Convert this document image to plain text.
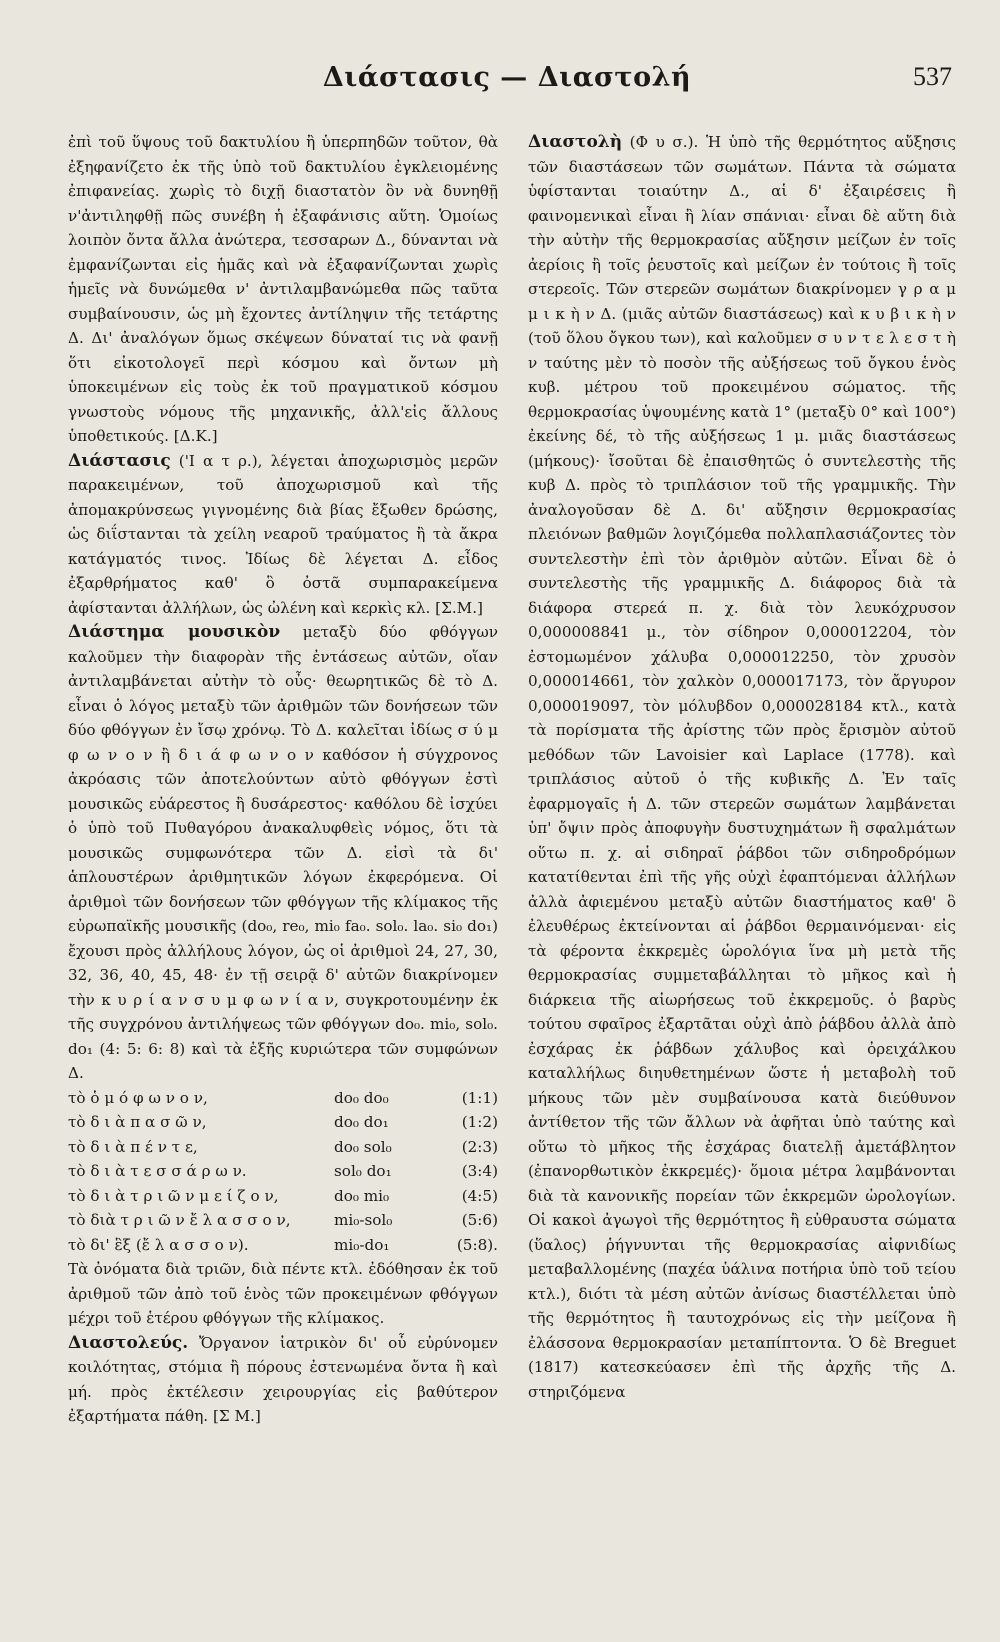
Διάστασις — Διαστολή	537

ἐπὶ τοῦ ὕψους τοῦ δακτυλίου ἢ ὑπερπηδῶν τοῦτον, θὰ ἐξηφανίζετο ἐκ τῆς ὑπὸ τοῦ δακτυλίου ἐγκλειομένης ἐπιφανείας. χωρὶς τὸ διχῇ διαστατὸν ὂν νὰ δυνηθῇ ν'ἀντιληφθῇ πῶς συνέβη ἡ ἐξαφάνισις αὕτη. Ὁμοίως λοιπὸν ὄντα ἄλλα ἀνώτερα, τεσσαρων Δ., δύνανται νὰ ἐμφανίζωνται εἰς ἡμᾶς καὶ νὰ ἐξαφανίζωνται χωρὶς ἡμεῖς νὰ δυνώμεθα ν' ἀντιλαμβανώμεθα πῶς ταῦτα συμβαίνουσιν, ὡς μὴ ἔχοντες ἀντίληψιν τῆς τετάρτης Δ. Δι' ἀναλόγων ὅμως σκέψεων δύναταί τις νὰ φανῇ ὅτι εἰκοτολογεῖ περὶ κόσμου καὶ ὄντων μὴ ὑποκειμένων εἰς τοὺς ἐκ τοῦ πραγματικοῦ κόσμου γνωστοὺς νόμους τῆς μηχανικῆς, ἀλλ'εἰς ἄλλους ὑποθετικούς. [Δ.Κ.]

Διάστασις ('Ι α τ ρ.), λέγεται ἀποχωρισμὸς μερῶν παρακειμένων, τοῦ ἀποχωρισμοῦ καὶ τῆς ἀπομακρύνσεως γιγνομένης διὰ βίας ἔξωθεν δρώσης, ὡς διΐστανται τὰ χείλη νεαροῦ τραύματος ἢ τὰ ἄκρα κατάγματός τινος. Ἰδίως δὲ λέγεται Δ. εἶδος ἐξαρθρήματος καθ' ὃ ὀστᾶ συμπαρακείμενα ἀφίστανται ἀλλήλων, ὡς ὠλένη καὶ κερκὶς κλ. [Σ.Μ.]

Διάστημα μουσικὸν μεταξὺ δύο φθόγγων καλοῦμεν τὴν διαφορὰν τῆς ἐντάσεως αὐτῶν, οἵαν ἀντιλαμβάνεται αὐτὴν τὸ οὖς· θεωρητικῶς δὲ τὸ Δ. εἶναι ὁ λόγος μεταξὺ τῶν ἀριθμῶν τῶν δονήσεων τῶν δύο φθόγγων ἐν ἴσῳ χρόνῳ. Τὸ Δ. καλεῖται ἰδίως σ ύ μ φ ω ν ο ν ἢ δ ι ά φ ω ν ο ν καθόσον ἡ σύγχρονος ἀκρόασις τῶν ἀποτελούντων αὐτὸ φθόγγων ἐστὶ μουσικῶς εὐάρεστος ἢ δυσάρεστος· καθόλου δὲ ἰσχύει ὁ ὑπὸ τοῦ Πυθαγόρου ἀνακαλυφθεὶς νόμος, ὅτι τὰ μουσικῶς συμφωνότερα τῶν Δ. εἰσὶ τὰ δι' ἁπλουστέρων ἀριθμητικῶν λόγων ἐκφερόμενα. Οἱ ἀριθμοὶ τῶν δονήσεων τῶν φθόγγων τῆς κλίμακος τῆς εὐρωπαϊκῆς μουσικῆς (do₀, re₀, mi₀ fa₀. sol₀. la₀. si₀ do₁) ἔχουσι πρὸς ἀλλήλους λόγον, ὡς οἱ ἀριθμοὶ 24, 27, 30, 32, 36, 40, 45, 48· ἐν τῇ σειρᾷ δ' αὐτῶν διακρίνομεν τὴν κ υ ρ ί α ν σ υ μ φ ω ν ί α ν, συγκροτουμένην ἐκ τῆς συγχρόνου ἀντιλήψεως τῶν φθόγγων do₀. mi₀, sol₀. do₁ (4: 5: 6: 8) καὶ τὰ ἑξῆς κυριώτερα τῶν συμφώνων Δ.

τὸ ὁ μ ό φ ω ν ο ν,	do₀ do₀	(1:1)
τὸ δ ι ὰ π α σ ῶ ν,	do₀ do₁	(1:2)
τὸ δ ι ὰ π έ ν τ ε,	do₀ sol₀	(2:3)
τὸ δ ι ὰ τ ε σ σ ά ρ ω ν.	sol₀ do₁	(3:4)
τὸ δ ι ὰ τ ρ ι ῶ ν μ ε ί ζ ο ν,	do₀ mi₀	(4:5)
τὸ διὰ τ ρ ι ῶ ν ἔ λ α σ σ ο ν,	mi₀-sol₀	(5:6)
τὸ δι' ἓξ (ἔ λ α σ σ ο ν).	mi₀-do₁	(5:8).

Τὰ ὀνόματα διὰ τριῶν, διὰ πέντε κτλ. ἐδόθησαν ἐκ τοῦ ἀριθμοῦ τῶν ἀπὸ τοῦ ἑνὸς τῶν προκειμένων φθόγγων μέχρι τοῦ ἑτέρου φθόγγων τῆς κλίμακος.

Διαστολεύς. Ὄργανον ἰατρικὸν δι' οὗ εὐρύνομεν κοιλότητας, στόμια ἢ πόρους ἐστενωμένα ὄντα ἢ καὶ μή. πρὸς ἐκτέλεσιν χειρουργίας εἰς βαθύτερον ἐξαρτήματα πάθη. [Σ Μ.]

Διαστολὴ (Φ υ σ.). Ἡ ὑπὸ τῆς θερμότητος αὔξησις τῶν διαστάσεων τῶν σωμάτων. Πάντα τὰ σώματα ὑφίστανται τοιαύτην Δ., αἱ δ' ἐξαιρέσεις ἢ φαινομενικαὶ εἶναι ἢ λίαν σπάνιαι· εἶναι δὲ αὕτη διὰ τὴν αὐτὴν τῆς θερμοκρασίας αὔξησιν μείζων ἐν τοῖς ἀερίοις ἢ τοῖς ῥευστοῖς καὶ μείζων ἐν τούτοις ἢ τοῖς στερεοῖς. Τῶν στερεῶν σωμάτων διακρίνομεν γ ρ α μ μ ι κ ὴ ν Δ. (μιᾶς αὐτῶν διαστάσεως) καὶ κ υ β ι κ ὴ ν (τοῦ ὅλου ὄγκου των), καὶ καλοῦμεν σ υ ν τ ε λ ε σ τ ὴ ν ταύτης μὲν τὸ ποσὸν τῆς αὐξήσεως τοῦ ὄγκου ἑνὸς κυβ. μέτρου τοῦ προκειμένου σώματος. τῆς θερμοκρασίας ὑψουμένης κατὰ 1° (μεταξὺ 0° καὶ 100°) ἐκείνης δέ, τὸ τῆς αὐξήσεως 1 μ. μιᾶς διαστάσεως (μήκους)· ἴσοῦται δὲ ἐπαισθητῶς ὁ συντελεστὴς τῆς κυβ Δ. πρὸς τὸ τριπλάσιον τοῦ τῆς γραμμικῆς. Τὴν ἀναλογοῦσαν δὲ Δ. δι' αὔξησιν θερμοκρασίας πλειόνων βαθμῶν λογιζόμεθα πολλαπλασιάζοντες τὸν συντελεστὴν ἐπὶ τὸν ἀριθμὸν αὐτῶν. Εἶναι δὲ ὁ συντελεστὴς τῆς γραμμικῆς Δ. διάφορος διὰ τὰ διάφορα στερεά π. χ. διὰ τὸν λευκόχρυσον 0,000008841 μ., τὸν σίδηρον 0,000012204, τὸν ἐστομωμένον χάλυβα 0,000012250, τὸν χρυσὸν 0,000014661, τὸν χαλκὸν 0,000017173, τὸν ἄργυρον 0,000019097, τὸν μόλυβδον 0,000028184 κτλ., κατὰ τὰ πορίσματα τῆς ἀρίστης τῶν πρὸς ἔρισμὸν αὐτοῦ μεθόδων τῶν Lavoisier καὶ Laplace (1778). καὶ τριπλάσιος αὐτοῦ ὁ τῆς κυβικῆς Δ. Ἐν ταῖς ἐφαρμογαῖς ἡ Δ. τῶν στερεῶν σωμάτων λαμβάνεται ὑπ' ὄψιν πρὸς ἀποφυγὴν δυστυχημάτων ἢ σφαλμάτων οὕτω π. χ. αἱ σιδηραῖ ῥάβδοι τῶν σιδηροδρόμων κατατίθενται ἐπὶ τῆς γῆς οὐχὶ ἐφαπτόμεναι ἀλλήλων ἀλλὰ ἀφιεμένου μεταξὺ αὐτῶν διαστήματος καθ' ὃ ἐλευθέρως ἐκτείνονται αἱ ῥάβδοι θερμαινόμεναι· εἰς τὰ φέροντα ἐκκρεμὲς ὡρολόγια ἵνα μὴ μετὰ τῆς θερμοκρασίας συμμεταβάλληται τὸ μῆκος καὶ ἡ διάρκεια τῆς αἰωρήσεως τοῦ ἐκκρεμοῦς. ὁ βαρὺς τούτου σφαῖρος ἐξαρτᾶται οὐχὶ ἀπὸ ῥάβδου ἀλλὰ ἀπὸ ἐσχάρας ἐκ ῥάβδων χάλυβος καὶ ὀρειχάλκου καταλλήλως διηυθετημένων ὥστε ἡ μεταβολὴ τοῦ μήκους τῶν μὲν συμβαίνουσα κατὰ διεύθυνον ἀντίθετον τῆς τῶν ἄλλων νὰ ἀφῆται ὑπὸ ταύτης καὶ οὕτω τὸ μῆκος τῆς ἐσχάρας διατελῇ ἀμετάβλητον (ἐπανορθωτικὸν ἐκκρεμές)· ὅμοια μέτρα λαμβάνονται διὰ τὰ κανονικῆς πορείαν τῶν ἐκκρεμῶν ὡρολογίων. Οἱ κακοὶ ἀγωγοὶ τῆς θερμότητος ἢ εὐθραυστα σώματα (ὕαλος) ῥήγνυνται τῆς θερμοκρασίας αἰφνιδίως μεταβαλλομένης (παχέα ὑάλινα ποτήρια ὑπὸ τοῦ τείου κτλ.), διότι τὰ μέση αὐτῶν ἀνίσως διαστέλλεται ὑπὸ τῆς θερμότητος ἢ ταυτοχρόνως εἰς τὴν μείζονα ἢ ἐλάσσονα θερμοκρασίαν μεταπίπτοντα. Ὁ δὲ Breguet (1817) κατεσκεύασεν ἐπὶ τῆς ἀρχῆς τῆς Δ. στηριζόμενα
